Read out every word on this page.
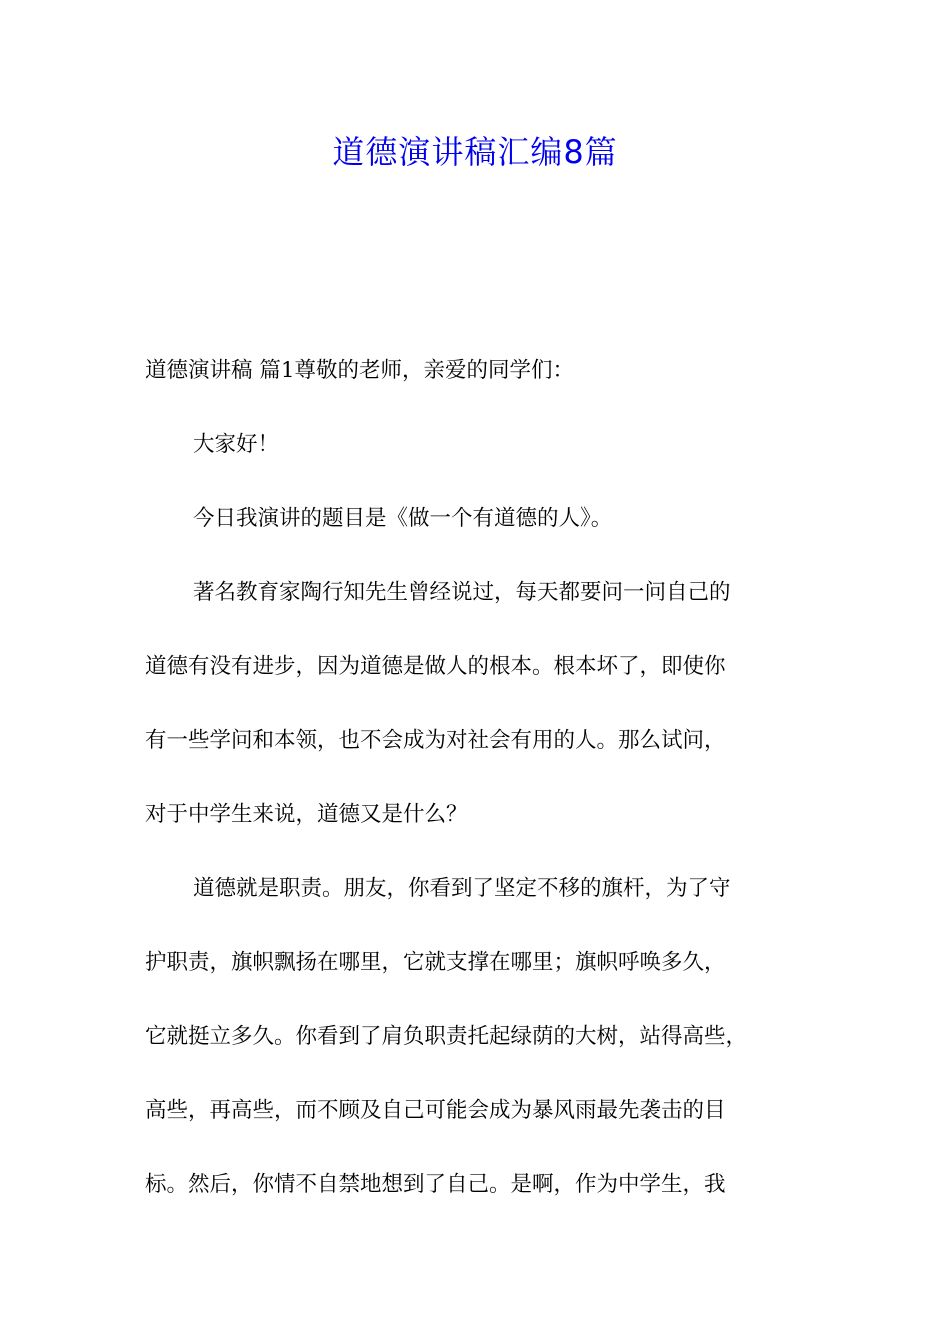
道德演讲稿汇编8篇
道德演讲稿 篇1尊敬的老师，亲爱的同学们：
大家好！
今日我演讲的题目是《做一个有道德的人》。
著名教育家陶行知先生曾经说过，每天都要问一问自己的
道德有没有进步，因为道德是做人的根本。根本坏了，即使你
有一些学问和本领，也不会成为对社会有用的人。那么试问，
对于中学生来说，道德又是什么？
道德就是职责。朋友，你看到了坚定不移的旗杆，为了守
护职责，旗帜飘扬在哪里，它就支撑在哪里；旗帜呼唤多久，
它就挺立多久。你看到了肩负职责托起绿荫的大树，站得高些，
高些，再高些，而不顾及自己可能会成为暴风雨最先袭击的目
标。然后，你情不自禁地想到了自己。是啊，作为中学生，我
